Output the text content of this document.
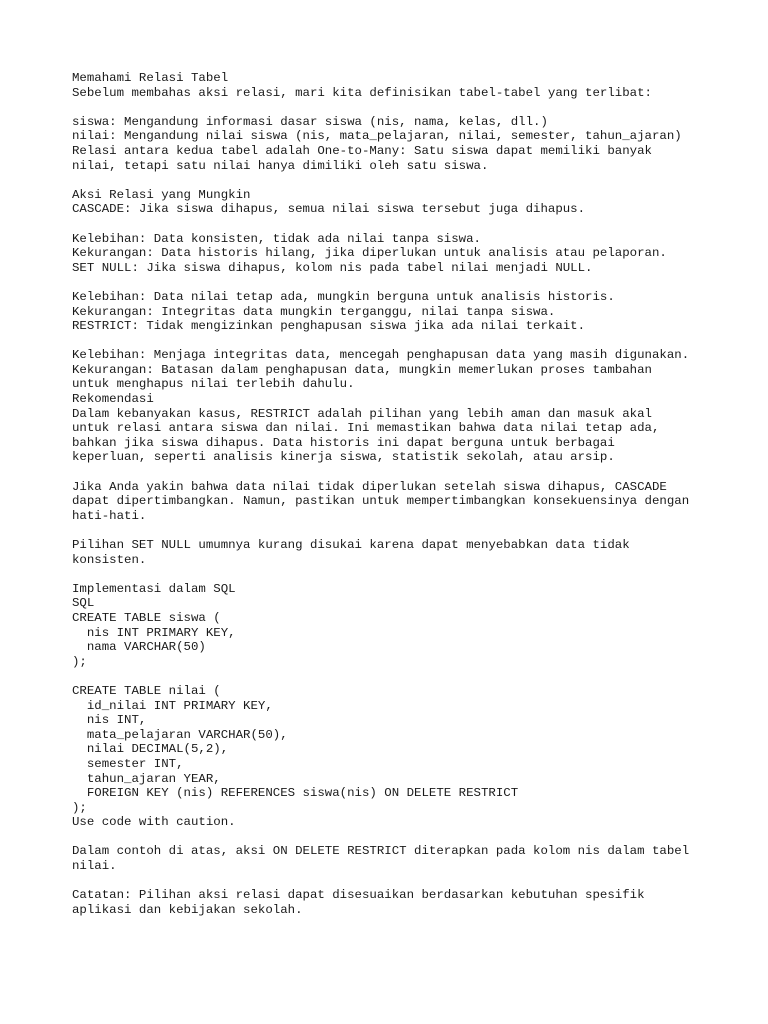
Memahami Relasi Tabel
Sebelum membahas aksi relasi, mari kita definisikan tabel-tabel yang terlibat:
siswa: Mengandung informasi dasar siswa (nis, nama, kelas, dll.)
nilai: Mengandung nilai siswa (nis, mata_pelajaran, nilai, semester, tahun_ajaran)
Relasi antara kedua tabel adalah One-to-Many: Satu siswa dapat memiliki banyak
nilai, tetapi satu nilai hanya dimiliki oleh satu siswa.
Aksi Relasi yang Mungkin
CASCADE: Jika siswa dihapus, semua nilai siswa tersebut juga dihapus.
Kelebihan: Data konsisten, tidak ada nilai tanpa siswa.
Kekurangan: Data historis hilang, jika diperlukan untuk analisis atau pelaporan.
SET NULL: Jika siswa dihapus, kolom nis pada tabel nilai menjadi NULL.
Kelebihan: Data nilai tetap ada, mungkin berguna untuk analisis historis.
Kekurangan: Integritas data mungkin terganggu, nilai tanpa siswa.
RESTRICT: Tidak mengizinkan penghapusan siswa jika ada nilai terkait.
Kelebihan: Menjaga integritas data, mencegah penghapusan data yang masih digunakan.
Kekurangan: Batasan dalam penghapusan data, mungkin memerlukan proses tambahan
untuk menghapus nilai terlebih dahulu.
Rekomendasi
Dalam kebanyakan kasus, RESTRICT adalah pilihan yang lebih aman dan masuk akal
untuk relasi antara siswa dan nilai. Ini memastikan bahwa data nilai tetap ada,
bahkan jika siswa dihapus. Data historis ini dapat berguna untuk berbagai
keperluan, seperti analisis kinerja siswa, statistik sekolah, atau arsip.
Jika Anda yakin bahwa data nilai tidak diperlukan setelah siswa dihapus, CASCADE
dapat dipertimbangkan. Namun, pastikan untuk mempertimbangkan konsekuensinya dengan
hati-hati.
Pilihan SET NULL umumnya kurang disukai karena dapat menyebabkan data tidak
konsisten.
Implementasi dalam SQL
SQL
CREATE TABLE siswa (
nis INT PRIMARY KEY,
nama VARCHAR(50)
);
CREATE TABLE nilai (
id_nilai INT PRIMARY KEY,
nis INT,
mata_pelajaran VARCHAR(50),
nilai DECIMAL(5,2),
semester INT,
tahun_ajaran YEAR,
FOREIGN KEY (nis) REFERENCES siswa(nis) ON DELETE RESTRICT
);
Use code with caution.
Dalam contoh di atas, aksi ON DELETE RESTRICT diterapkan pada kolom nis dalam tabel
nilai.
Catatan: Pilihan aksi relasi dapat disesuaikan berdasarkan kebutuhan spesifik
aplikasi dan kebijakan sekolah.
